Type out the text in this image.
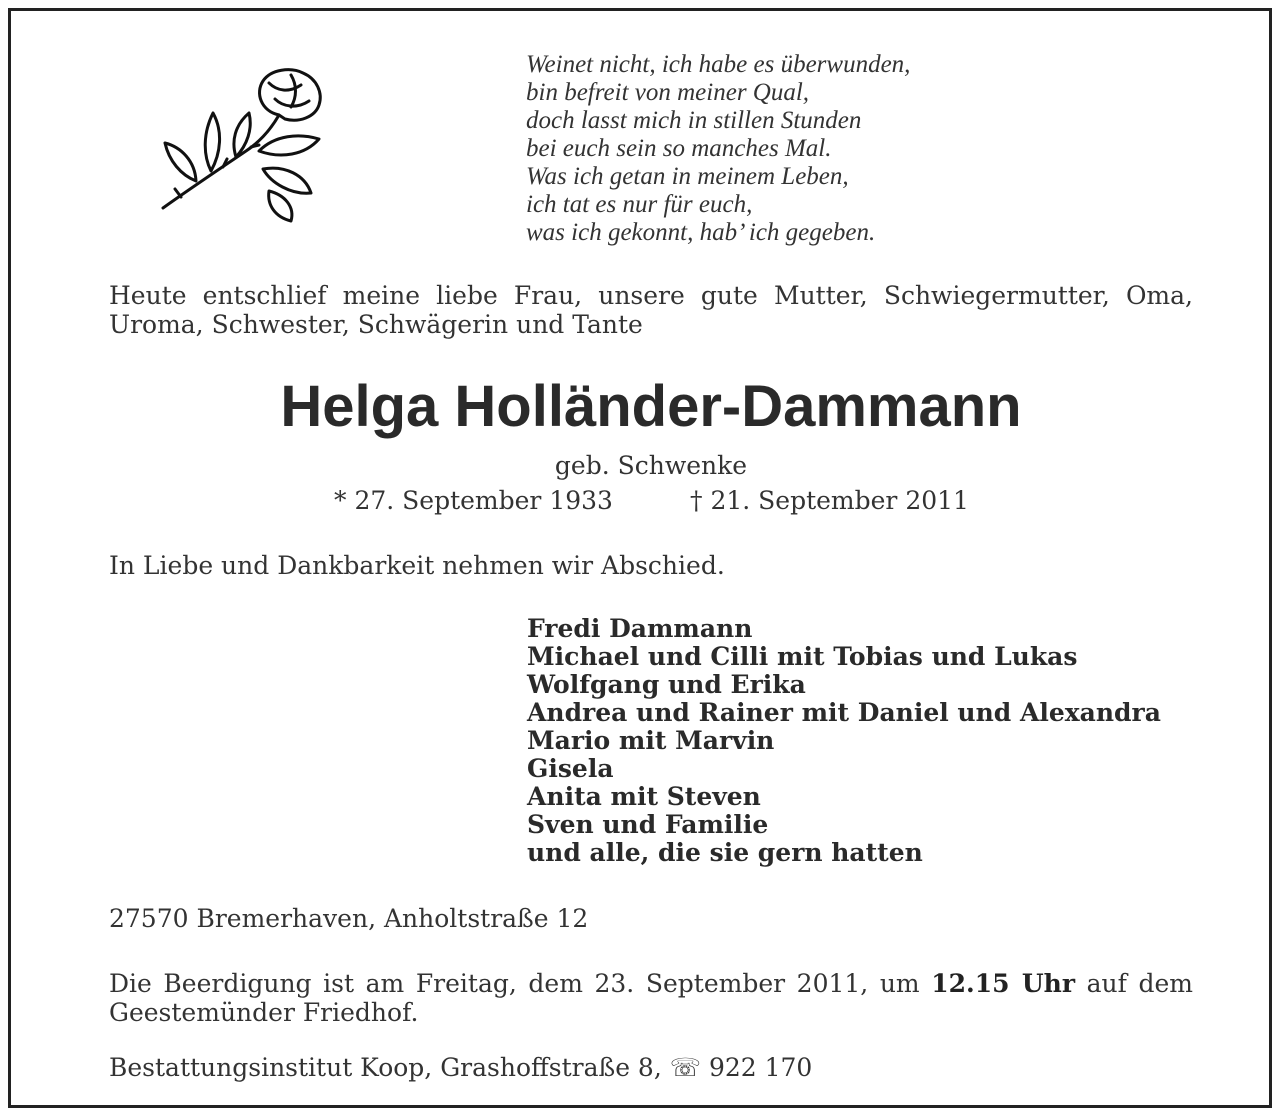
Weinet nicht, ich habe es überwunden,
bin befreit von meiner Qual,
doch lasst mich in stillen Stunden
bei euch sein so manches Mal.
Was ich getan in meinem Leben,
ich tat es nur für euch,
was ich gekonnt, hab’ ich gegeben.
Heute entschlief meine liebe Frau, unsere gute Mutter, Schwiegermutter, Oma, Uroma, Schwester, Schwägerin und Tante
Helga Holländer-Dammann
geb. Schwenke
* 27. September 1933	† 21. September 2011
In Liebe und Dankbarkeit nehmen wir Abschied.
Fredi Dammann
Michael und Cilli mit Tobias und Lukas
Wolfgang und Erika
Andrea und Rainer mit Daniel und Alexandra
Mario mit Marvin
Gisela
Anita mit Steven
Sven und Familie
und alle, die sie gern hatten
27570 Bremerhaven, Anholtstraße 12
Die Beerdigung ist am Freitag, dem 23. September 2011, um 12.15 Uhr auf dem Geestemünder Friedhof.
Bestattungsinstitut Koop, Grashoffstraße 8, ☏ 922 170
